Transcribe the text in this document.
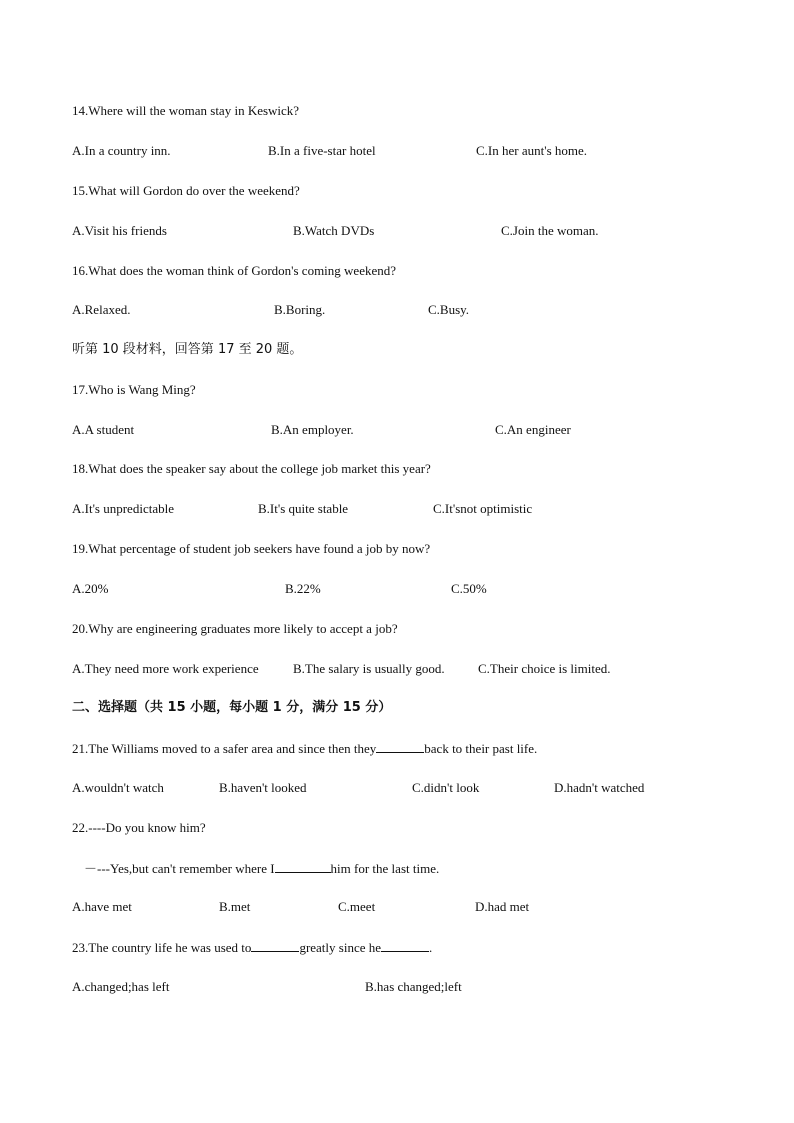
14.Where will the woman stay in Keswick?
A.In a country inn.	B.In a five-star hotel	C.In her aunt's home.
15.What will Gordon do over the weekend?
A.Visit his friends	B.Watch DVDs	C.Join the woman.
16.What does the woman think of Gordon's coming weekend?
A.Relaxed.	B.Boring.	C.Busy.
听第 10 段材料，回答第 17 至 20 题。
17.Who is Wang Ming?
A.A student	B.An employer.	C.An engineer
18.What does the speaker say about the college job market this year?
A.It's unpredictable	B.It's quite stable	C.It'snot optimistic
19.What percentage of student job seekers have found a job by now?
A.20%	B.22%	C.50%
20.Why are engineering graduates more likely to accept a job?
A.They need more work experience	B.The salary is usually good.	C.Their choice is limited.
二、选择题（共 15 小题，每小题 1 分，满分 15 分）
21.The Williams moved to a safer area and since then they	back to their past life.
A.wouldn't watch	B.haven't looked	C.didn't look	D.hadn't watched
22.----Do you know him?
－---Yes,but can't remember where I	him for the last time.
A.have met	B.met	C.meet	D.had met
23.The country life he was used to	greatly since he	.
A.changed;has left	B.has changed;left
